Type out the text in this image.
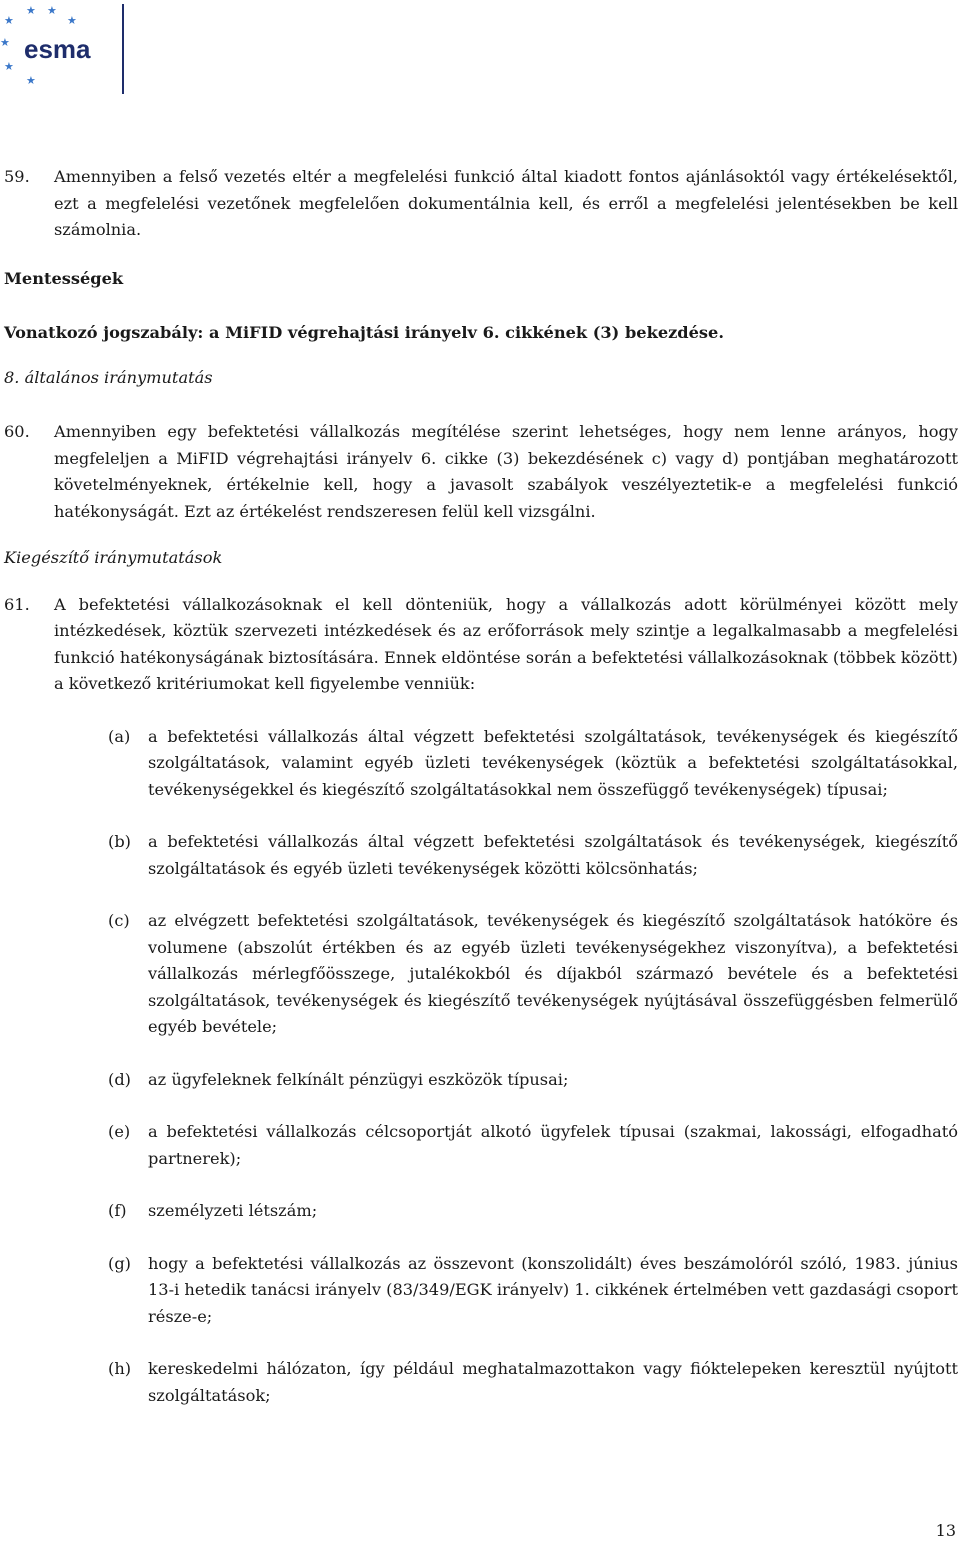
★
★ ★
★
★
★
★
esma
59.	Amennyiben a felső vezetés eltér a megfelelési funkció által kiadott fontos ajánlásoktól vagy értékelésektől, ezt a megfelelési vezetőnek megfelelően dokumentálnia kell, és erről a megfelelési jelentésekben be kell számolnia.

Mentességek

Vonatkozó jogszabály: a MiFID végrehajtási irányelv 6. cikkének (3) bekezdése.

8. általános iránymutatás

60.	Amennyiben egy befektetési vállalkozás megítélése szerint lehetséges, hogy nem lenne arányos, hogy megfeleljen a MiFID végrehajtási irányelv 6. cikke (3) bekezdésének c) vagy d) pontjában meghatározott követelményeknek, értékelnie kell, hogy a javasolt szabályok veszélyeztetik-e a megfelelési funkció hatékonyságát. Ezt az értékelést rendszeresen felül kell vizsgálni.

Kiegészítő iránymutatások

61.	A befektetési vállalkozásoknak el kell dönteniük, hogy a vállalkozás adott körülményei között mely intézkedések, köztük szervezeti intézkedések és az erőforrások mely szintje a legalkalmasabb a megfelelési funkció hatékonyságának biztosítására. Ennek eldöntése során a befektetési vállalkozásoknak (többek között) a következő kritériumokat kell figyelembe venniük:
(a)	a befektetési vállalkozás által végzett befektetési szolgáltatások, tevékenységek és kiegészítő szolgáltatások, valamint egyéb üzleti tevékenységek (köztük a befektetési szolgáltatásokkal, tevékenységekkel és kiegészítő szolgáltatásokkal nem összefüggő tevékenységek) típusai;
(b)	a befektetési vállalkozás által végzett befektetési szolgáltatások és tevékenységek, kiegészítő szolgáltatások és egyéb üzleti tevékenységek közötti kölcsönhatás;
(c)	az elvégzett befektetési szolgáltatások, tevékenységek és kiegészítő szolgáltatások hatóköre és volumene (abszolút értékben és az egyéb üzleti tevékenységekhez viszonyítva), a befektetési vállalkozás mérlegfőösszege, jutalékokból és díjakból származó bevétele és a befektetési szolgáltatások, tevékenységek és kiegészítő tevékenységek nyújtásával összefüggésben felmerülő egyéb bevétele;
(d)	az ügyfeleknek felkínált pénzügyi eszközök típusai;
(e)	a befektetési vállalkozás célcsoportját alkotó ügyfelek típusai (szakmai, lakossági, elfogadható partnerek);
(f)	személyzeti létszám;
(g)	hogy a befektetési vállalkozás az összevont (konszolidált) éves beszámolóról szóló, 1983. június 13-i hetedik tanácsi irányelv (83/349/EGK irányelv) 1. cikkének értelmében vett gazdasági csoport része-e;
(h)	kereskedelmi hálózaton, így például meghatalmazottakon vagy fióktelepeken keresztül nyújtott szolgáltatások;
13
